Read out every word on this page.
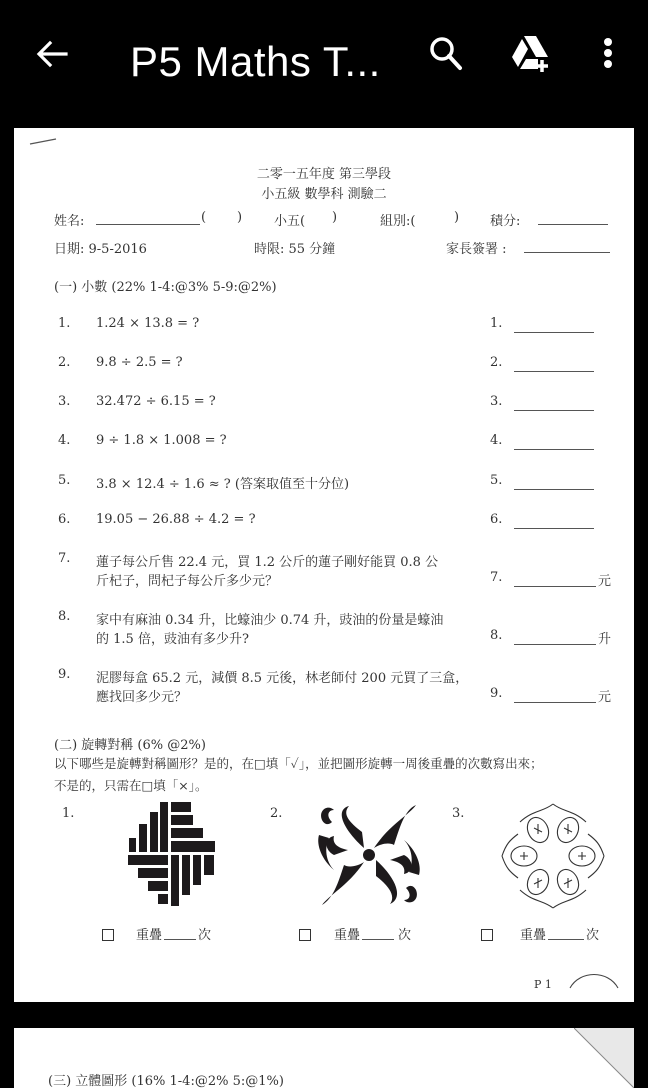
P5 Maths T...
二零一五年度 第三學段
小五級 數學科 測驗二
姓名:	( ) 小五( )	組別:(	) 積分:
日期: 9-5-2016	時限: 55 分鐘	家長簽署 :
(一) 小數 (22% 1-4:@3% 5-9:@2%)
1. 1.24 × 13.8 = ?	1.
2. 9.8 ÷ 2.5 = ?	2.
3. 32.472 ÷ 6.15 = ?	3.
4. 9 ÷ 1.8 × 1.008 = ?	4.
5. 3.8 × 12.4 ÷ 1.6 ≈ ? (答案取值至十分位)	5.
6. 19.05 − 26.88 ÷ 4.2 = ?	6.
7. 蓮子每公斤售 22.4 元，買 1.2 公斤的蓮子剛好能買 0.8 公
斤杞子，問杞子每公斤多少元？	7.	元
8. 家中有麻油 0.34 升，比蠔油少 0.74 升，豉油的份量是蠔油
的 1.5 倍，豉油有多少升?	8.	升
9. 泥膠每盒 65.2 元，減價 8.5 元後，林老師付 200 元買了三盒，
應找回多少元？	9.	元
(二) 旋轉對稱 (6% @2%)
以下哪些是旋轉對稱圖形？是的，在□填「✓」，並把圖形旋轉一周後重疊的次數寫出來；
不是的，只需在□填「×」。
1.	2.	3.
重疊	次	重疊	次	重疊	次
P 1
(三) 立體圖形 (16% 1-4:@2% 5:@1%)
